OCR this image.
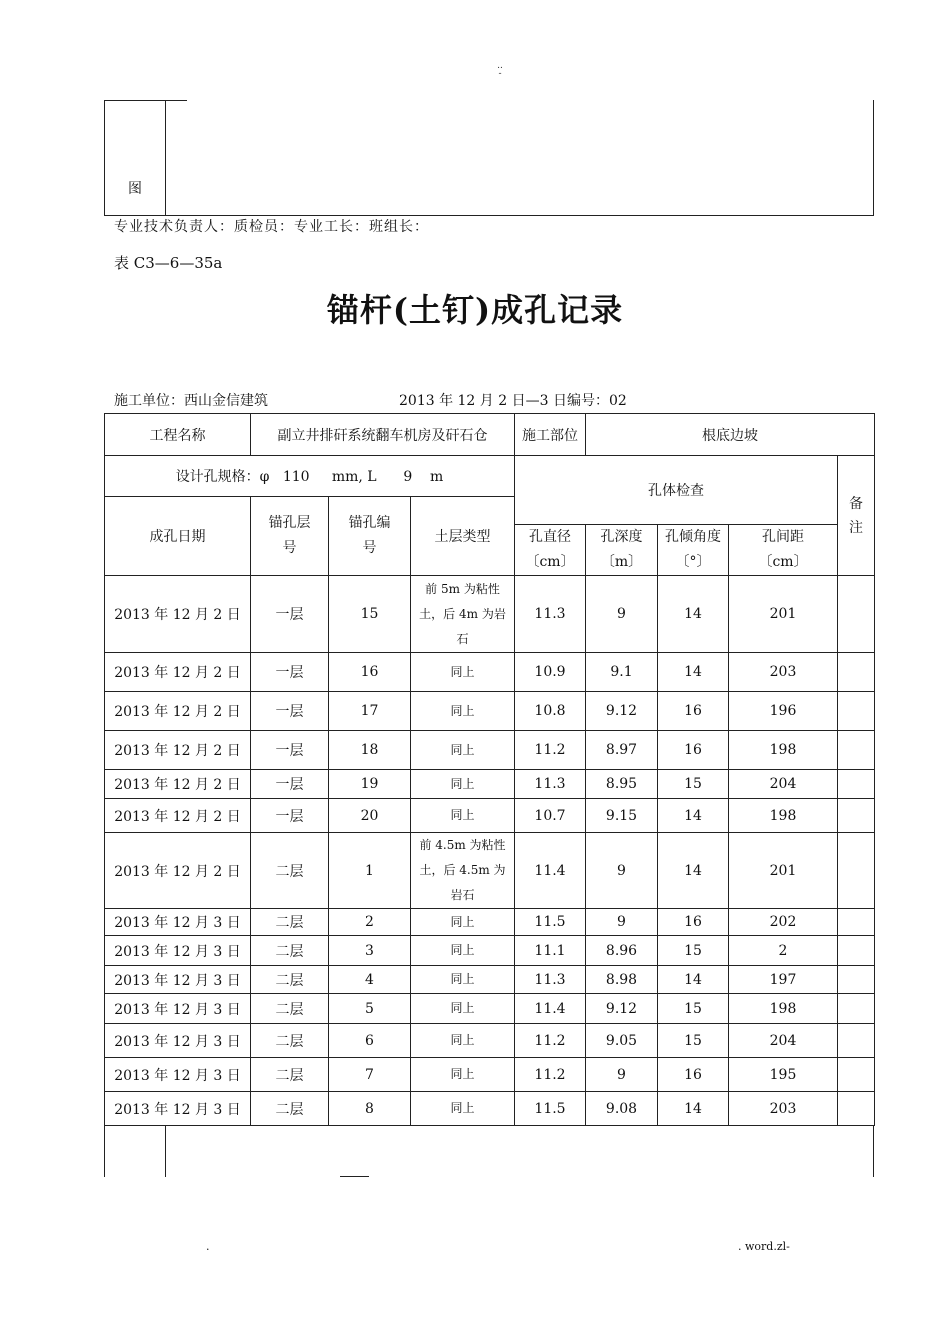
..
-
图
专业技术负责人：质检员：专业工长：班组长：
表 C3—6—35a
锚杆(土钉)成孔记录
施工单位：西山金信建筑	2013 年 12 月 2 日—3 日编号：02
工程名称	副立井排矸系统翻车机房及矸石仓			施工部位	根底边坡			
设计孔规格：φ 110 mm, L 9 m				孔体检查				备注

成孔日期	锚孔层号	锚孔编号	土层类型					

				孔直径〔cm〕	孔深度〔m〕	孔倾角度〔°〕	孔间距〔cm〕	

2013 年 12 月 2 日	一层	15	前 5m 为粘性土，后 4m 为岩石	11.3	9	14	201	
2013 年 12 月 2 日	一层	16	同上	10.9	9.1	14	203	
2013 年 12 月 2 日	一层	17	同上	10.8	9.12	16	196	
2013 年 12 月 2 日	一层	18	同上	11.2	8.97	16	198	
2013 年 12 月 2 日	一层	19	同上	11.3	8.95	15	204	
2013 年 12 月 2 日	一层	20	同上	10.7	9.15	14	198	
2013 年 12 月 2 日	二层	1	前 4.5m 为粘性土，后 4.5m 为岩石	11.4	9	14	201	
2013 年 12 月 3 日	二层	2	同上	11.5	9	16	202	
2013 年 12 月 3 日	二层	3	同上	11.1	8.96	15	2	
2013 年 12 月 3 日	二层	4	同上	11.3	8.98	14	197	
2013 年 12 月 3 日	二层	5	同上	11.4	9.12	15	198	
2013 年 12 月 3 日	二层	6	同上	11.2	9.05	15	204	
2013 年 12 月 3 日	二层	7	同上	11.2	9	16	195	
2013 年 12 月 3 日	二层	8	同上	11.5	9.08	14	203	
.	. word.zl-
